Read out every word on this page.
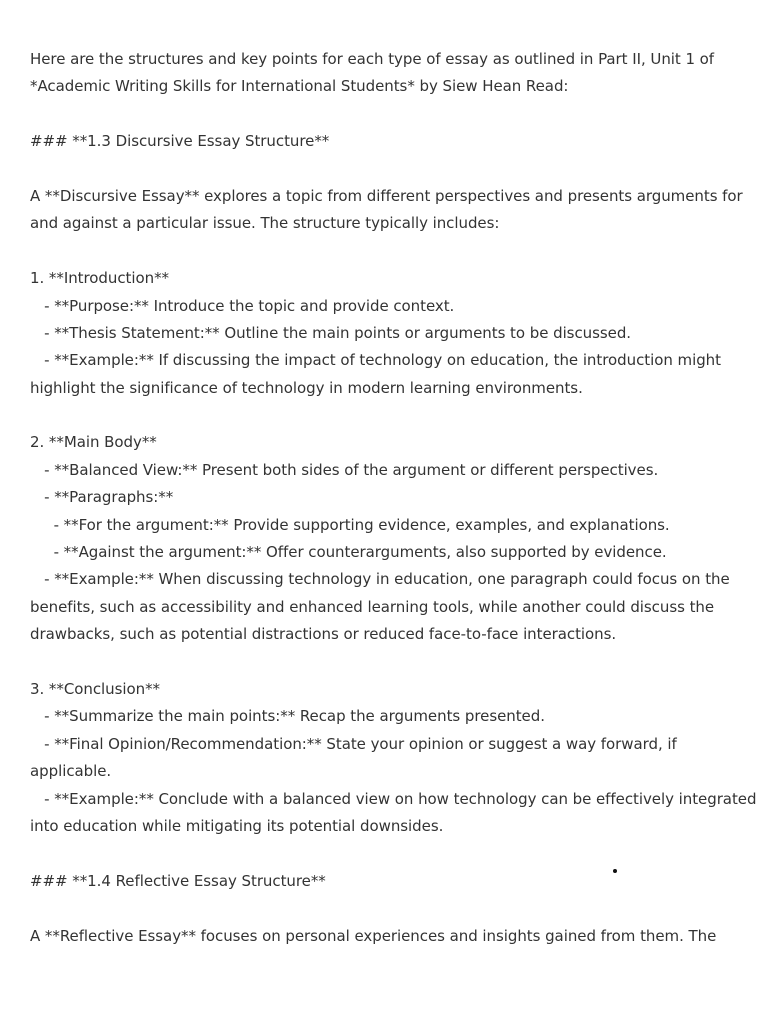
Here are the structures and key points for each type of essay as outlined in Part II, Unit 1 of
*Academic Writing Skills for International Students* by Siew Hean Read:
### **1.3 Discursive Essay Structure**
A **Discursive Essay** explores a topic from different perspectives and presents arguments for
and against a particular issue. The structure typically includes:
1. **Introduction**
- **Purpose:** Introduce the topic and provide context.
- **Thesis Statement:** Outline the main points or arguments to be discussed.
- **Example:** If discussing the impact of technology on education, the introduction might
highlight the significance of technology in modern learning environments.
2. **Main Body**
- **Balanced View:** Present both sides of the argument or different perspectives.
- **Paragraphs:**
- **For the argument:** Provide supporting evidence, examples, and explanations.
- **Against the argument:** Offer counterarguments, also supported by evidence.
- **Example:** When discussing technology in education, one paragraph could focus on the
benefits, such as accessibility and enhanced learning tools, while another could discuss the
drawbacks, such as potential distractions or reduced face-to-face interactions.
3. **Conclusion**
- **Summarize the main points:** Recap the arguments presented.
- **Final Opinion/Recommendation:** State your opinion or suggest a way forward, if
applicable.
- **Example:** Conclude with a balanced view on how technology can be effectively integrated
into education while mitigating its potential downsides.
### **1.4 Reflective Essay Structure**
A **Reflective Essay** focuses on personal experiences and insights gained from them. The
